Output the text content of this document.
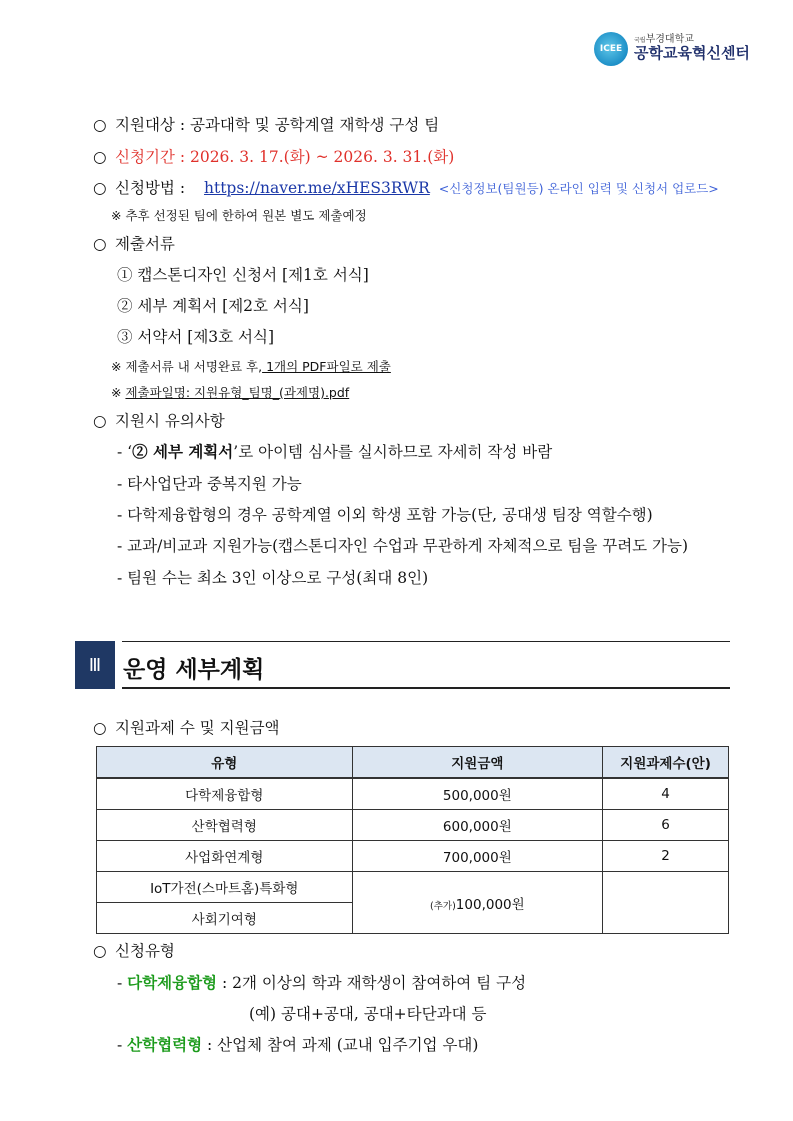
ICEE
국립부경대학교
공학교육혁신센터
○ 지원대상 : 공과대학 및 공학계열 재학생 구성 팀
○ 신청기간 : 2026. 3. 17.(화) ~ 2026. 3. 31.(화)
○ 신청방법 : https://naver.me/xHES3RWR <신청정보(팀원등) 온라인 입력 및 신청서 업로드>
※ 추후 선정된 팀에 한하여 원본 별도 제출예정
○ 제출서류
① 캡스톤디자인 신청서 [제1호 서식]
② 세부 계획서 [제2호 서식]
③ 서약서 [제3호 서식]
※ 제출서류 내 서명완료 후, 1개의 PDF파일로 제출
※ 제출파일명: 지원유형_팀명_(과제명).pdf
○ 지원시 유의사항
- ‘② 세부 계획서’로 아이템 심사를 실시하므로 자세히 작성 바람
- 타사업단과 중복지원 가능
- 다학제융합형의 경우 공학계열 이외 학생 포함 가능(단, 공대생 팀장 역할수행)
- 교과/비교과 지원가능(캡스톤디자인 수업과 무관하게 자체적으로 팀을 꾸려도 가능)
- 팀원 수는 최소 3인 이상으로 구성(최대 8인)
Ⅲ 운영 세부계획
○ 지원과제 수 및 지원금액
유형	지원금액	지원과제수(안)
다학제융합형	500,000원	4
산학협력형	600,000원	6
사업화연계형	700,000원	2
IoT가전(스마트홈)특화형	(추가)100,000원	
사회기여형		
○ 신청유형
- 다학제융합형 : 2개 이상의 학과 재학생이 참여하여 팀 구성
(예) 공대+공대, 공대+타단과대 등
- 산학협력형 : 산업체 참여 과제 (교내 입주기업 우대)
